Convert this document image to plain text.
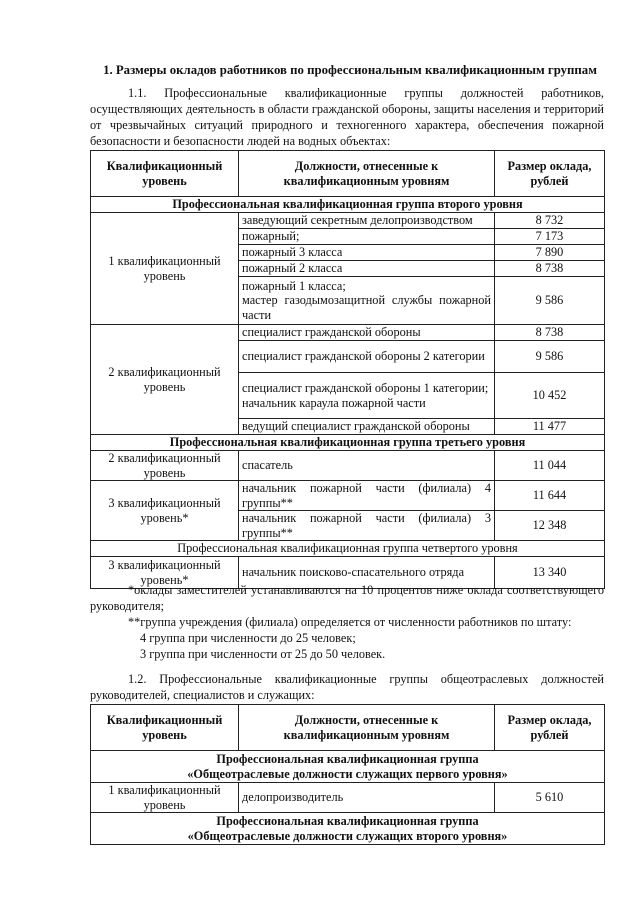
1. Размеры окладов работников по профессиональным квалификационным группам

1.1. Профессиональные квалификационные группы должностей работников, осуществляющих деятельность в области гражданской обороны, защиты населения и территорий от чрезвычайных ситуаций природного и техногенного характера, обеспечения пожарной безопасности и безопасности людей на водных объектах:

Квалификационный уровень	Должности, отнесенные к квалификационным уровням	Размер оклада, рублей
Профессиональная квалификационная группа второго уровня		
1 квалификационный уровень	заведующий секретным делопроизводством	8 732
	пожарный;	7 173
	пожарный 3 класса	7 890
	пожарный 2 класса	8 738

	пожарный 1 класса;
мастер газодымозащитной службы пожарной части	9 586
2 квалификационный уровень	специалист гражданской обороны	8 738
	специалист гражданской обороны 2 категории	9 586

	специалист гражданской обороны 1 категории;
начальник караула пожарной части	10 452
	ведущий специалист гражданской обороны	11 477
Профессиональная квалификационная группа третьего уровня		
2 квалификационный уровень	спасатель	11 044
3 квалификационный уровень*	начальник пожарной части (филиала) 4 группы**	11 644
	начальник пожарной части (филиала) 3 группы**	12 348
Профессиональная квалификационная группа четвертого уровня		
3 квалификационный уровень*	начальник поисково-спасательного отряда	13 340

*оклады заместителей устанавливаются на 10 процентов ниже оклада соответствующего руководителя;

**группа учреждения (филиала) определяется от численности работников по штату:

4 группа при численности до 25 человек;

3 группа при численности от 25 до 50 человек.

1.2. Профессиональные квалификационные группы общеотраслевых должностей руководителей, специалистов и служащих:

Квалификационный уровень	Должности, отнесенные к квалификационным уровням	Размер оклада, рублей

Профессиональная квалификационная группа
«Общеотраслевые должности служащих первого уровня»		

1 квалификационный уровень	делопроизводитель	5 610

Профессиональная квалификационная группа
«Общеотраслевые должности служащих второго уровня»		
